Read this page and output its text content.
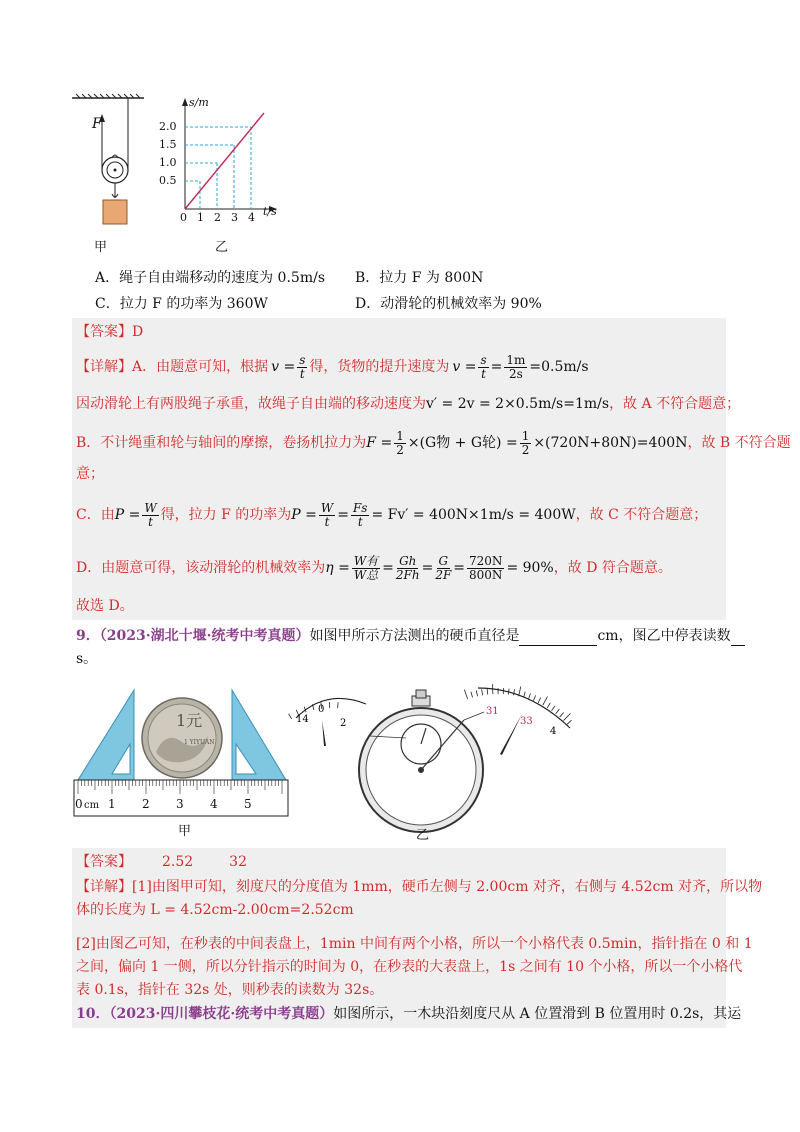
F
甲
2.0
1.5
1.0
0.5
0 1 2 3 4
s/m
t/s
乙
A．绳子自由端移动的速度为 0.5m/s B．拉力 F 为 800N
C．拉力 F 的功率为 360W	D．动滑轮的机械效率为 90%
【答案】D
【详解】 A．由题意可知，根据 $v = \frac{s}{t}$ 得，货物的提升速度为 $v = \frac{s}{t} = \frac{1m}{2s} =0.5m/s$
因动滑轮上有两股绳子承重，故绳子自由端的移动速度为v′ = 2v = 2×0.5m/s=1m/s，故 A 不符合题意；
B．不计绳重和轮与轴间的摩擦，卷扬机拉力为 $F = \frac{1}{2} \times(G$物 + G轮) = $\frac{1}{2} \times(720N+80N)=400N$ ，故 B 不符合题
意；
C．由 $P = \frac{W}{t}$ 得，拉力 F 的功率为 $P = \frac{W}{t} = \frac{Fs}{t} = Fv' = 400N\times 1m/s = 400W$ ，故 C 不符合题意；
D．由题意可得，该动滑轮的机械效率为 $\eta = \frac{\text{W有}}{\text{W总}} = \frac{Gh}{2Fh} = \frac{G}{2F} = \frac{720N}{800N} = 90\%$ ，故 D 符合题意。
故选 D。
9．（2023·湖北十堰·统考中考真题）如图甲所示方法测出的硬币直径是	cm，图乙中停表读数
s。
1元
1 YIYUAN
0 cm 1 2 3 4 5
甲
14
0
2
31
33
4
乙
【答案】 2.52	32
【详解】[1]由图甲可知，刻度尺的分度值为 1mm，硬币左侧与 2.00cm 对齐，右侧与 4.52cm 对齐，所以物
体的长度为 L = 4.52cm-2.00cm=2.52cm
[2]由图乙可知，在秒表的中间表盘上，1min 中间有两个小格，所以一个小格代表 0.5min，指针指在 0 和 1
之间，偏向 1 一侧，所以分针指示的时间为 0，在秒表的大表盘上，1s 之间有 10 个小格，所以一个小格代
表 0.1s，指针在 32s 处，则秒表的读数为 32s。
10．（2023·四川攀枝花·统考中考真题）如图所示，一木块沿刻度尺从 A 位置滑到 B 位置用时 0.2s，其运
